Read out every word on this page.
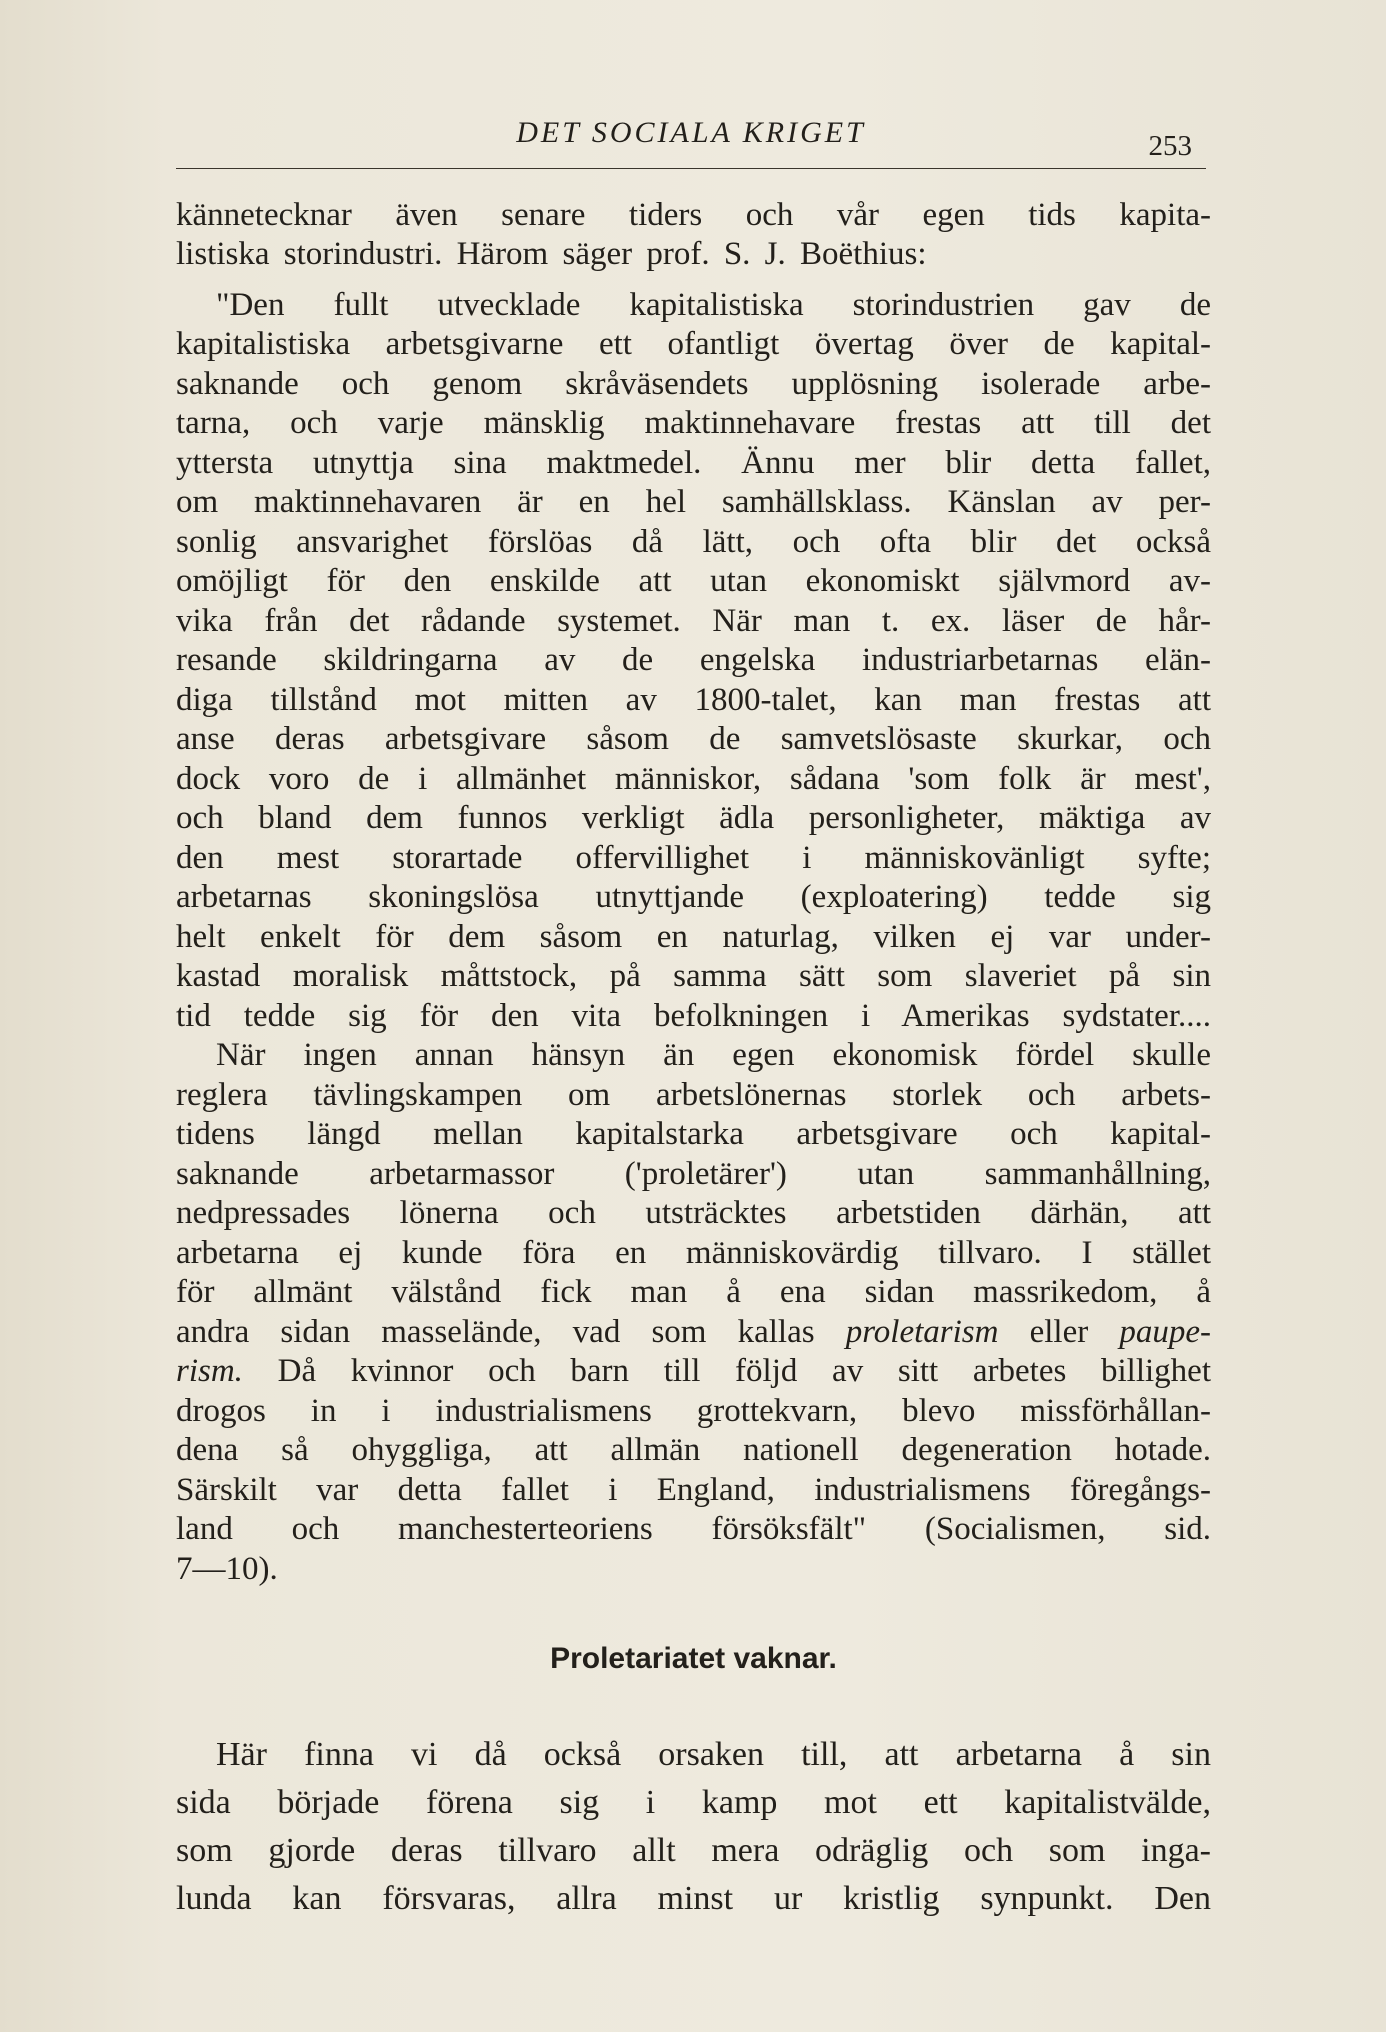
DET SOCIALA KRIGET	253
kännetecknar även senare tiders och vår egen tids kapita-
listiska storindustri. Härom säger prof. S. J. Boëthius:
"Den fullt utvecklade kapitalistiska storindustrien gav de
kapitalistiska arbetsgivarne ett ofantligt övertag över de kapital-
saknande och genom skråväsendets upplösning isolerade arbe-
tarna, och varje mänsklig maktinnehavare frestas att till det
yttersta utnyttja sina maktmedel. Ännu mer blir detta fallet,
om maktinnehavaren är en hel samhällsklass. Känslan av per-
sonlig ansvarighet förslöas då lätt, och ofta blir det också
omöjligt för den enskilde att utan ekonomiskt självmord av-
vika från det rådande systemet. När man t. ex. läser de hår-
resande skildringarna av de engelska industriarbetarnas elän-
diga tillstånd mot mitten av 1800-talet, kan man frestas att
anse deras arbetsgivare såsom de samvetslösaste skurkar, och
dock voro de i allmänhet människor, sådana 'som folk är mest',
och bland dem funnos verkligt ädla personligheter, mäktiga av
den mest storartade offervillighet i människovänligt syfte;
arbetarnas skoningslösa utnyttjande (exploatering) tedde sig
helt enkelt för dem såsom en naturlag, vilken ej var under-
kastad moralisk måttstock, på samma sätt som slaveriet på sin
tid tedde sig för den vita befolkningen i Amerikas sydstater....
När ingen annan hänsyn än egen ekonomisk fördel skulle
reglera tävlingskampen om arbetslönernas storlek och arbets-
tidens längd mellan kapitalstarka arbetsgivare och kapital-
saknande arbetarmassor ('proletärer') utan sammanhållning,
nedpressades lönerna och utsträcktes arbetstiden därhän, att
arbetarna ej kunde föra en människovärdig tillvaro. I stället
för allmänt välstånd fick man å ena sidan massrikedom, å
andra sidan masselände, vad som kallas proletarism eller paupe-
rism. Då kvinnor och barn till följd av sitt arbetes billighet
drogos in i industrialismens grottekvarn, blevo missförhållan-
dena så ohyggliga, att allmän nationell degeneration hotade.
Särskilt var detta fallet i England, industrialismens föregångs-
land och manchesterteoriens försöksfält" (Socialismen, sid.
7—10).
Proletariatet vaknar.
Här finna vi då också orsaken till, att arbetarna å sin
sida började förena sig i kamp mot ett kapitalistvälde,
som gjorde deras tillvaro allt mera odräglig och som inga-
lunda kan försvaras, allra minst ur kristlig synpunkt. Den
